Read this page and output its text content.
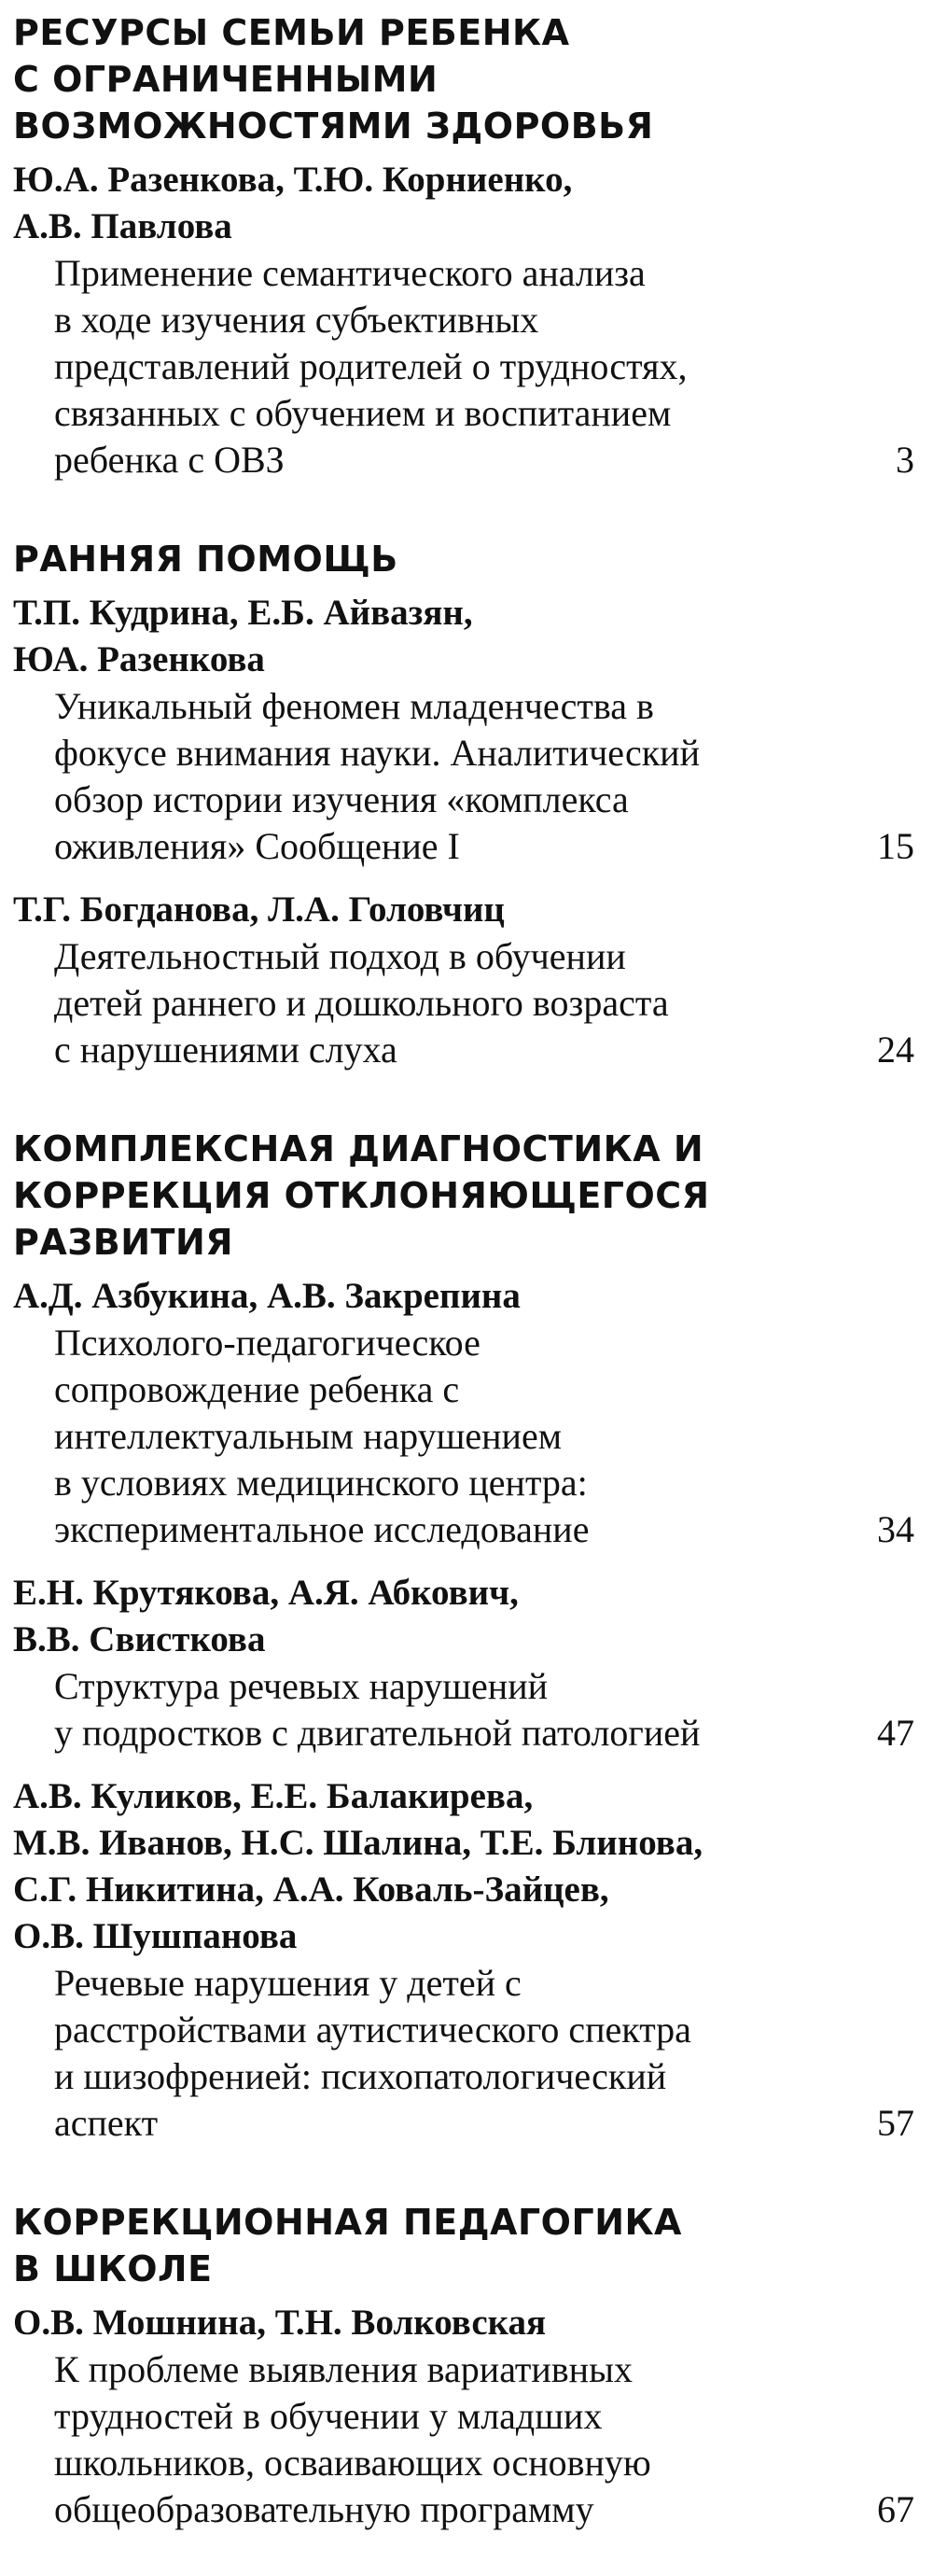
РЕСУРСЫ СЕМЬИ РЕБЕНКА
С ОГРАНИЧЕННЫМИ
ВОЗМОЖНОСТЯМИ ЗДОРОВЬЯ
Ю.А. Разенкова, Т.Ю. Корниенко,
А.В. Павлова
Применение семантического анализа
в ходе изучения субъективных
представлений родителей о трудностях,
связанных с обучением и воспитанием
ребенка с ОВЗ	3
РАННЯЯ ПОМОЩЬ
Т.П. Кудрина, Е.Б. Айвазян,
ЮА. Разенкова
Уникальный феномен младенчества в
фокусе внимания науки. Аналитический
обзор истории изучения «комплекса
оживления» Сообщение I	15
Т.Г. Богданова, Л.А. Головчиц
Деятельностный подход в обучении
детей раннего и дошкольного возраста
с нарушениями слуха	24
КОМПЛЕКСНАЯ ДИАГНОСТИКА И
КОРРЕКЦИЯ ОТКЛОНЯЮЩЕГОСЯ
РАЗВИТИЯ
А.Д. Азбукина, А.В. Закрепина
Психолого-педагогическое
сопровождение ребенка с
интеллектуальным нарушением
в условиях медицинского центра:
экспериментальное исследование	34
Е.Н. Крутякова, А.Я. Абкович,
В.В. Свисткова
Структура речевых нарушений
у подростков с двигательной патологией	47
А.В. Куликов, Е.Е. Балакирева,
М.В. Иванов, Н.С. Шалина, Т.Е. Блинова,
С.Г. Никитина, А.А. Коваль-Зайцев,
О.В. Шушпанова
Речевые нарушения у детей с
расстройствами аутистического спектра
и шизофренией: психопатологический
аспект	57
КОРРЕКЦИОННАЯ ПЕДАГОГИКА
В ШКОЛЕ
О.В. Мошнина, Т.Н. Волковская
К проблеме выявления вариативных
трудностей в обучении у младших
школьников, осваивающих основную
общеобразовательную программу	67
